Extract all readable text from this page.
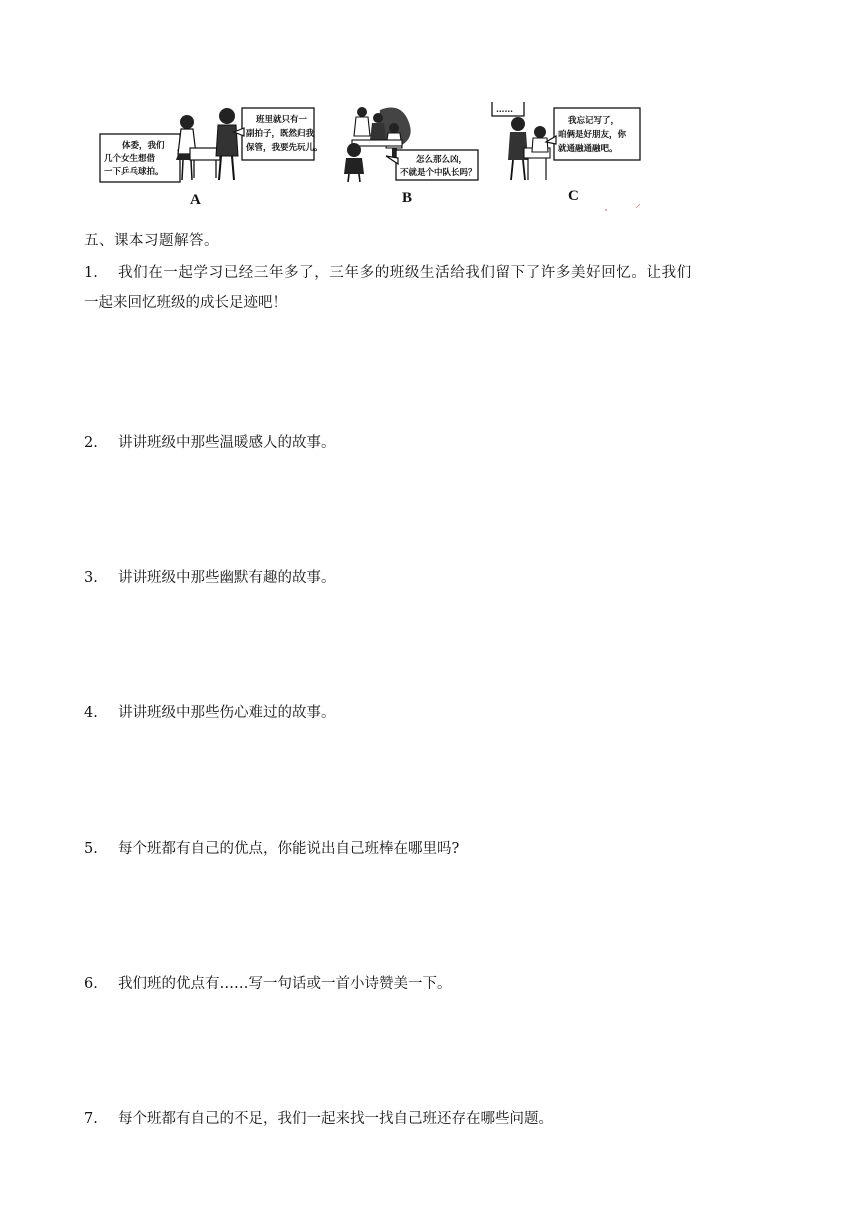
体委，我们
几个女生想借
一下乒乓球拍。
班里就只有一
副拍子，既然归我
保管，我要先玩儿。
A
怎么那么凶，
不就是个中队长吗？
B
……
我忘记写了，
咱俩是好朋友，你
就通融通融吧。
C
五、课本习题解答。
1. 我们在一起学习已经三年多了，三年多的班级生活给我们留下了许多美好回忆。让我们
一起来回忆班级的成长足迹吧！
2. 讲讲班级中那些温暖感人的故事。
3. 讲讲班级中那些幽默有趣的故事。
4. 讲讲班级中那些伤心难过的故事。
5. 每个班都有自己的优点，你能说出自己班棒在哪里吗?
6. 我们班的优点有……写一句话或一首小诗赞美一下。
7. 每个班都有自己的不足，我们一起来找一找自己班还存在哪些问题。
